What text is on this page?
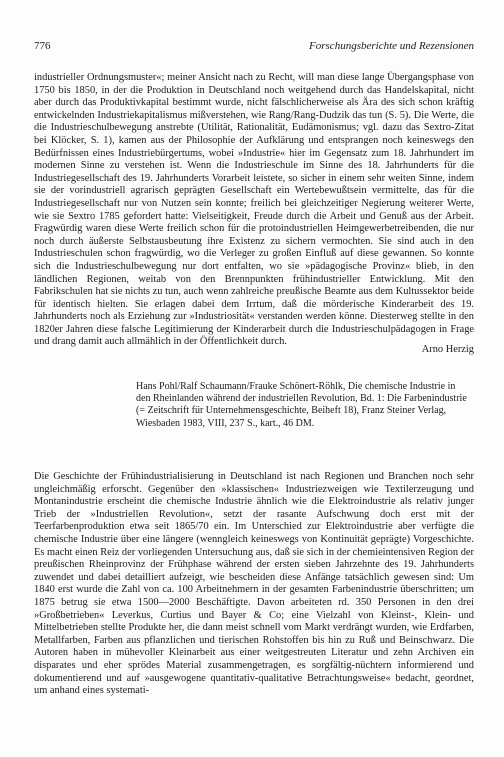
776	Forschungsberichte und Rezensionen

industrieller Ordnungsmuster«; meiner Ansicht nach zu Recht, will man diese lange Übergangsphase von 1750 bis 1850, in der die Produktion in Deutschland noch weitgehend durch das Handelskapital, nicht aber durch das Produktivkapital bestimmt wurde, nicht fälschlicherweise als Ära des sich schon kräftig entwickelnden Industriekapitalismus mißverstehen, wie Rang/Rang-Dudzik das tun (S. 5). Die Werte, die die Industrieschulbewegung anstrebte (Utilität, Rationalität, Eudämonismus; vgl. dazu das Sextro-Zitat bei Klöcker, S. 1), kamen aus der Philosophie der Aufklärung und entsprangen noch keineswegs den Bedürfnissen eines Industriebürgertums, wobei »Industrie« hier im Gegensatz zum 18. Jahrhundert im modernen Sinne zu verstehen ist. Wenn die Industrieschule im Sinne des 18. Jahrhunderts für die Industriegesellschaft des 19. Jahrhunderts Vorarbeit leistete, so sicher in einem sehr weiten Sinne, indem sie der vorindustriell agrarisch geprägten Gesellschaft ein Wertebewußtsein vermittelte, das für die Industriegesellschaft nur von Nutzen sein konnte; freilich bei gleichzeitiger Negierung weiterer Werte, wie sie Sextro 1785 gefordert hatte: Vielseitigkeit, Freude durch die Arbeit und Genuß aus der Arbeit. Fragwürdig waren diese Werte freilich schon für die protoindustriellen Heimgewerbetreibenden, die nur noch durch äußerste Selbstausbeutung ihre Existenz zu sichern vermochten. Sie sind auch in den Industrieschulen schon fragwürdig, wo die Verleger zu großen Einfluß auf diese gewannen. So konnte sich die Industrieschulbewegung nur dort entfalten, wo sie »pädagogische Provinz« blieb, in den ländlichen Regionen, weitab von den Brennpunkten frühindustrieller Entwicklung. Mit den Fabrikschulen hat sie nichts zu tun, auch wenn zahlreiche preußische Beamte aus dem Kultussektor beide für identisch hielten. Sie erlagen dabei dem Irrtum, daß die mörderische Kinderarbeit des 19. Jahrhunderts noch als Erziehung zur »Industriosität« verstanden werden könne. Diesterweg stellte in den 1820er Jahren diese falsche Legitimierung der Kinderarbeit durch die Industrieschulpädagogen in Frage und drang damit auch allmählich in der Öffentlichkeit durch.

Arno Herzig

Hans Pohl/Ralf Schaumann/Frauke Schönert-Röhlk, Die chemische Industrie in den Rheinlanden während der industriellen Revolution, Bd. 1: Die Farbenindustrie (= Zeitschrift für Unternehmensgeschichte, Beiheft 18), Franz Steiner Verlag, Wiesbaden 1983, VIII, 237 S., kart., 46 DM.

Die Geschichte der Frühindustrialisierung in Deutschland ist nach Regionen und Branchen noch sehr ungleichmäßig erforscht. Gegenüber den »klassischen« Industriezweigen wie Textilerzeugung und Montanindustrie erscheint die chemische Industrie ähnlich wie die Elektroindustrie als relativ junger Trieb der »Industriellen Revolution«, setzt der rasante Aufschwung doch erst mit der Teerfarbenproduktion etwa seit 1865/70 ein. Im Unterschied zur Elektroindustrie aber verfügte die chemische Industrie über eine längere (wenngleich keineswegs von Kontinuität geprägte) Vorgeschichte. Es macht einen Reiz der vorliegenden Untersuchung aus, daß sie sich in der chemieintensiven Region der preußischen Rheinprovinz der Frühphase während der ersten sieben Jahrzehnte des 19. Jahrhunderts zuwendet und dabei detailliert aufzeigt, wie bescheiden diese Anfänge tatsächlich gewesen sind: Um 1840 erst wurde die Zahl von ca. 100 Arbeitnehmern in der gesamten Farbenindustrie überschritten; um 1875 betrug sie etwa 1500—2000 Beschäftigte. Davon arbeiteten rd. 350 Personen in den drei »Großbetrieben« Leverkus, Curtius und Bayer & Co; eine Vielzahl von Kleinst-, Klein- und Mittelbetrieben stellte Produkte her, die dann meist schnell vom Markt verdrängt wurden, wie Erdfarben, Metallfarben, Farben aus pflanzlichen und tierischen Rohstoffen bis hin zu Ruß und Beinschwarz. Die Autoren haben in mühevoller Kleinarbeit aus einer weitgestreuten Literatur und zehn Archiven ein disparates und eher sprödes Material zusammengetragen, es sorgfältig-nüchtern informierend und dokumentierend und auf »ausgewogene quantitativ-qualitative Betrachtungsweise« bedacht, geordnet, um anhand eines systemati-
